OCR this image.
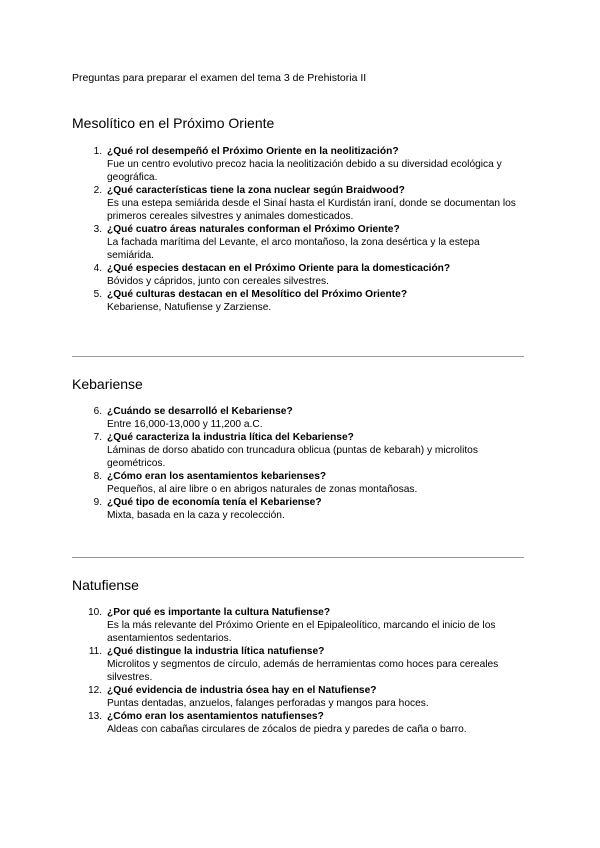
Preguntas para preparar el examen del tema 3 de Prehistoria II
Mesolítico en el Próximo Oriente
1. ¿Qué rol desempeñó el Próximo Oriente en la neolitización?
Fue un centro evolutivo precoz hacia la neolitización debido a su diversidad ecológica y geográfica.
2. ¿Qué características tiene la zona nuclear según Braidwood?
Es una estepa semiárida desde el Sinaí hasta el Kurdistán iraní, donde se documentan los primeros cereales silvestres y animales domesticados.
3. ¿Qué cuatro áreas naturales conforman el Próximo Oriente?
La fachada marítima del Levante, el arco montañoso, la zona desértica y la estepa semiárida.
4. ¿Qué especies destacan en el Próximo Oriente para la domesticación?
Bóvidos y cápridos, junto con cereales silvestres.
5. ¿Qué culturas destacan en el Mesolítico del Próximo Oriente?
Kebariense, Natufiense y Zarziense.
Kebariense
6. ¿Cuándo se desarrolló el Kebariense?
Entre 16,000-13,000 y 11,200 a.C.
7. ¿Qué caracteriza la industria lítica del Kebariense?
Láminas de dorso abatido con truncadura oblicua (puntas de kebarah) y microlitos geométricos.
8. ¿Cómo eran los asentamientos kebarienses?
Pequeños, al aire libre o en abrigos naturales de zonas montañosas.
9. ¿Qué tipo de economía tenía el Kebariense?
Mixta, basada en la caza y recolección.
Natufiense
10. ¿Por qué es importante la cultura Natufiense?
Es la más relevante del Próximo Oriente en el Epipaleolítico, marcando el inicio de los asentamientos sedentarios.
11. ¿Qué distingue la industria lítica natufiense?
Microlitos y segmentos de círculo, además de herramientas como hoces para cereales silvestres.
12. ¿Qué evidencia de industria ósea hay en el Natufiense?
Puntas dentadas, anzuelos, falanges perforadas y mangos para hoces.
13. ¿Cómo eran los asentamientos natufienses?
Aldeas con cabañas circulares de zócalos de piedra y paredes de caña o barro.
